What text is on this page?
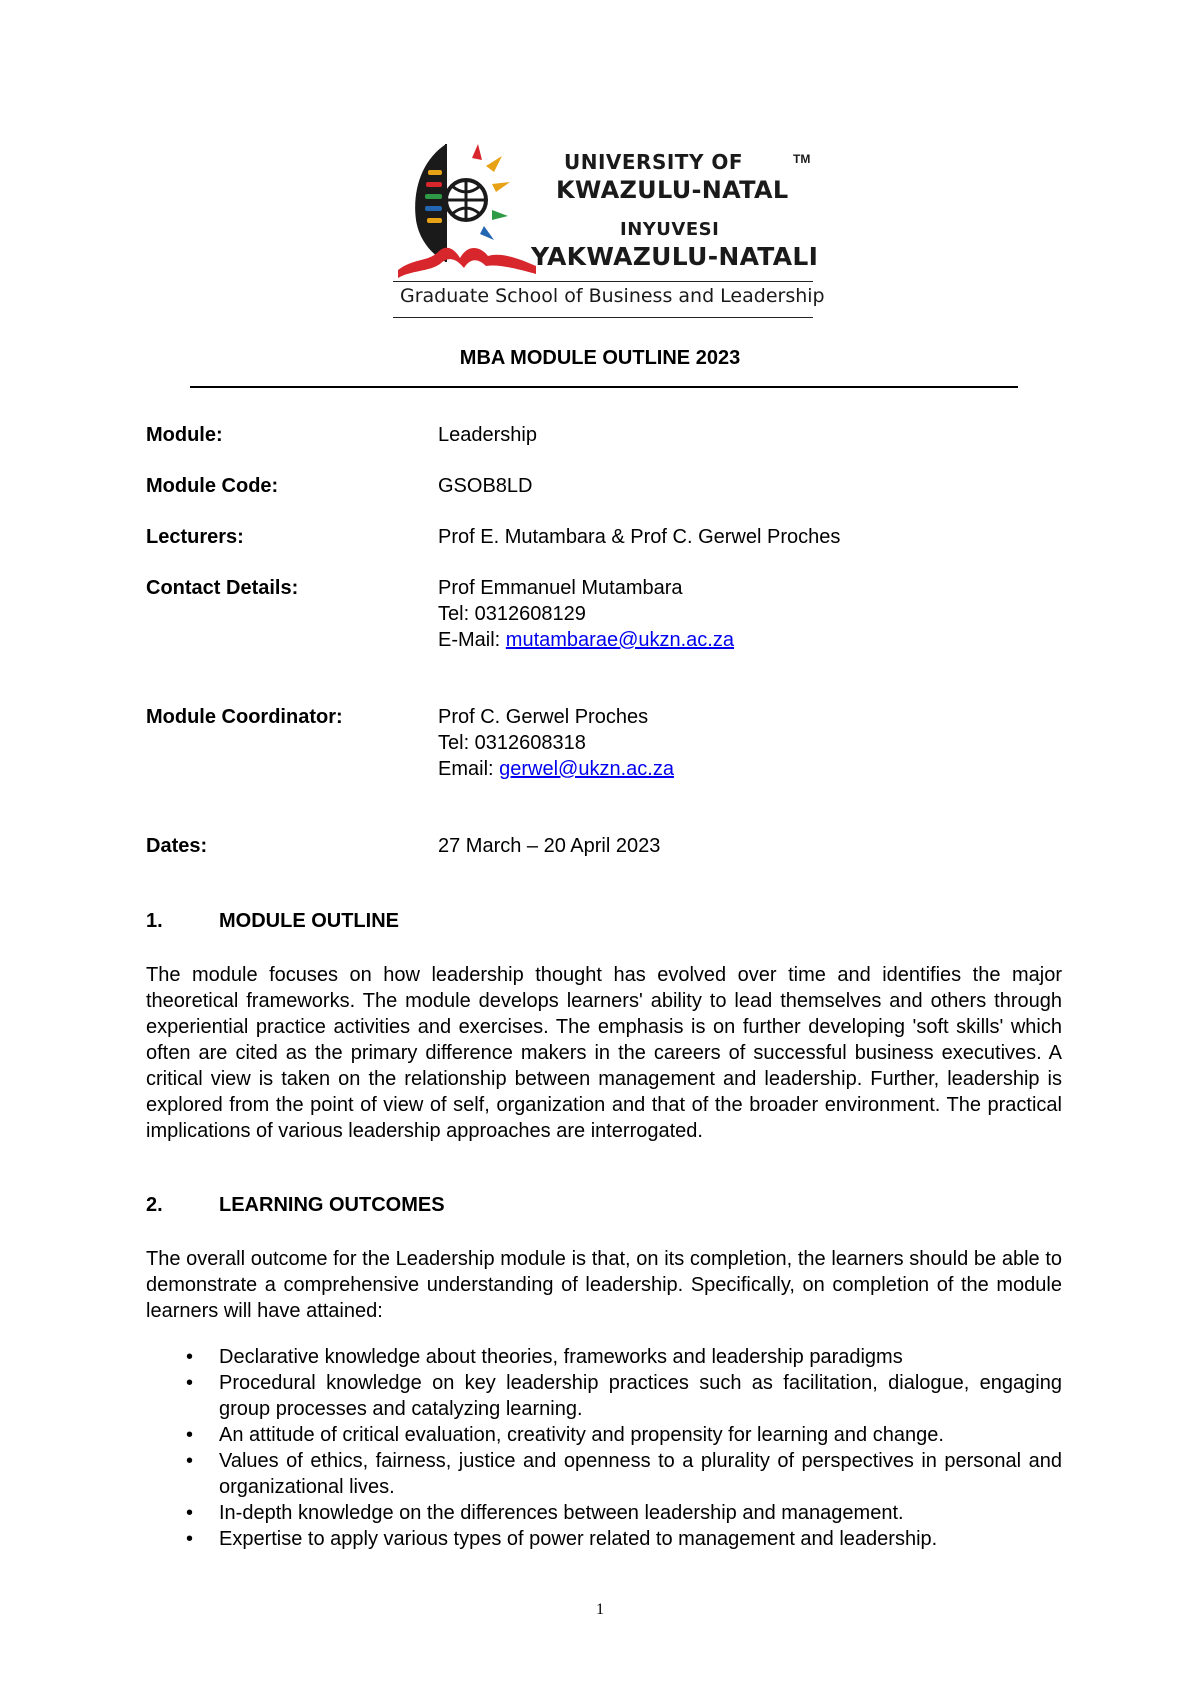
UNIVERSITY OF	TM
KWAZULU-NATAL
INYUVESI
YAKWAZULU-NATALI
Graduate School of Business and Leadership
MBA MODULE OUTLINE 2023
Module:	Leadership
Module Code:	GSOB8LD
Lecturers:	Prof E. Mutambara & Prof C. Gerwel Proches
Contact Details:	Prof Emmanuel Mutambara
Tel: 0312608129
E-Mail: mutambarae@ukzn.ac.za
Module Coordinator:	Prof C. Gerwel Proches
Tel: 0312608318
Email: gerwel@ukzn.ac.za
Dates:	27 March – 20 April 2023
1.	MODULE OUTLINE
The module focuses on how leadership thought has evolved over time and identifies the major theoretical frameworks. The module develops learners' ability to lead themselves and others through experiential practice activities and exercises. The emphasis is on further developing 'soft skills' which often are cited as the primary difference makers in the careers of successful business executives. A critical view is taken on the relationship between management and leadership. Further, leadership is explored from the point of view of self, organization and that of the broader environment. The practical implications of various leadership approaches are interrogated.
2.	LEARNING OUTCOMES
The overall outcome for the Leadership module is that, on its completion, the learners should be able to demonstrate a comprehensive understanding of leadership. Specifically, on completion of the module learners will have attained:
• Declarative knowledge about theories, frameworks and leadership paradigms
• Procedural knowledge on key leadership practices such as facilitation, dialogue, engaging group processes and catalyzing learning.
• An attitude of critical evaluation, creativity and propensity for learning and change.
• Values of ethics, fairness, justice and openness to a plurality of perspectives in personal and organizational lives.
• In-depth knowledge on the differences between leadership and management.
• Expertise to apply various types of power related to management and leadership.
1
